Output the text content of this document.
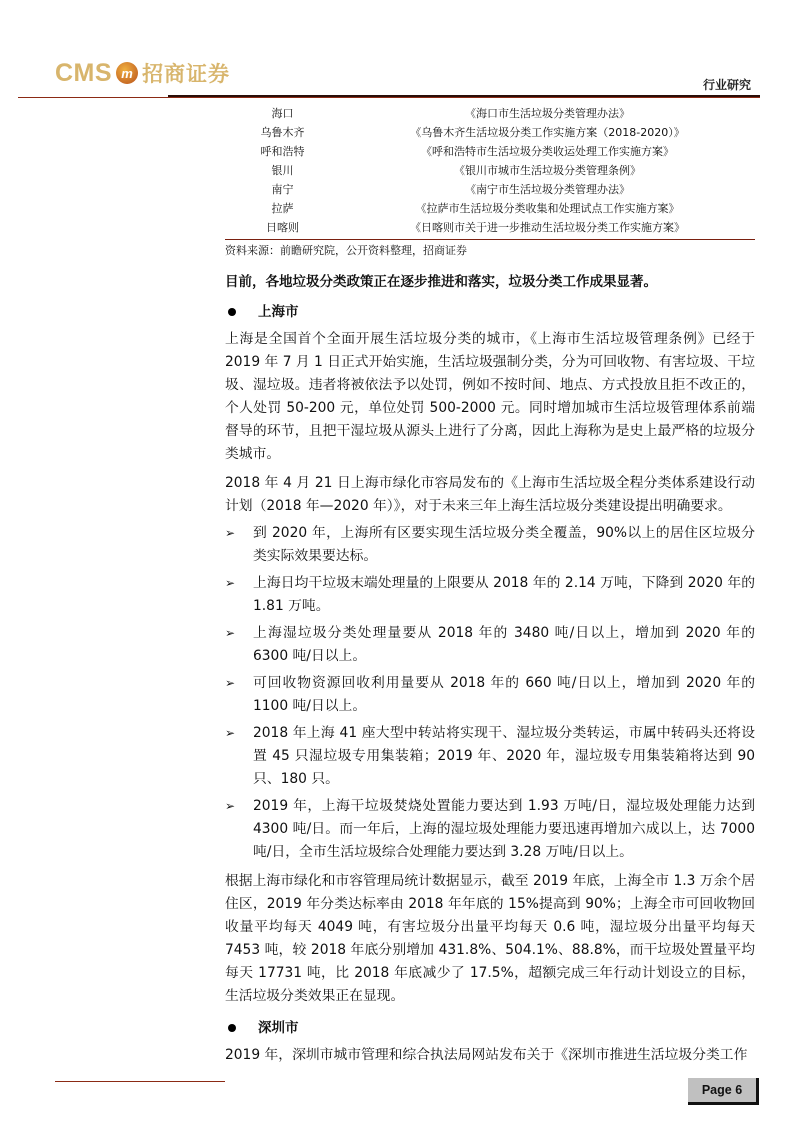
CMS m 招商证券	行业研究
海口	《海口市生活垃圾分类管理办法》
乌鲁木齐	《乌鲁木齐生活垃圾分类工作实施方案（2018-2020）》
呼和浩特	《呼和浩特市生活垃圾分类收运处理工作实施方案》
银川	《银川市城市生活垃圾分类管理条例》
南宁	《南宁市生活垃圾分类管理办法》
拉萨	《拉萨市生活垃圾分类收集和处理试点工作实施方案》
日喀则	《日喀则市关于进一步推动生活垃圾分类工作实施方案》
资料来源：前瞻研究院，公开资料整理，招商证券
目前，各地垃圾分类政策正在逐步推进和落实，垃圾分类工作成果显著。
上海市
上海是全国首个全面开展生活垃圾分类的城市，《上海市生活垃圾管理条例》已经于 2019 年 7 月 1 日正式开始实施，生活垃圾强制分类，分为可回收物、有害垃圾、干垃圾、湿垃圾。违者将被依法予以处罚，例如不按时间、地点、方式投放且拒不改正的，个人处罚 50-200 元，单位处罚 500-2000 元。同时增加城市生活垃圾管理体系前端督导的环节，且把干湿垃圾从源头上进行了分离，因此上海称为是史上最严格的垃圾分类城市。
2018 年 4 月 21 日上海市绿化市容局发布的《上海市生活垃圾全程分类体系建设行动计划（2018 年—2020 年）》，对于未来三年上海生活垃圾分类建设提出明确要求。
➢	到 2020 年，上海所有区要实现生活垃圾分类全覆盖，90%以上的居住区垃圾分类实际效果要达标。
➢	上海日均干垃圾末端处理量的上限要从 2018 年的 2.14 万吨，下降到 2020 年的 1.81 万吨。
➢	上海湿垃圾分类处理量要从 2018 年的 3480 吨/日以上，增加到 2020 年的 6300 吨/日以上。
➢	可回收物资源回收利用量要从 2018 年的 660 吨/日以上，增加到 2020 年的 1100 吨/日以上。
➢	2018 年上海 41 座大型中转站将实现干、湿垃圾分类转运，市属中转码头还将设置 45 只湿垃圾专用集装箱；2019 年、2020 年，湿垃圾专用集装箱将达到 90 只、180 只。
➢	2019 年，上海干垃圾焚烧处置能力要达到 1.93 万吨/日，湿垃圾处理能力达到 4300 吨/日。而一年后，上海的湿垃圾处理能力要迅速再增加六成以上，达 7000 吨/日，全市生活垃圾综合处理能力要达到 3.28 万吨/日以上。
根据上海市绿化和市容管理局统计数据显示，截至 2019 年底，上海全市 1.3 万余个居住区，2019 年分类达标率由 2018 年年底的 15%提高到 90%；上海全市可回收物回收量平均每天 4049 吨，有害垃圾分出量平均每天 0.6 吨，湿垃圾分出量平均每天 7453 吨，较 2018 年底分别增加 431.8%、504.1%、88.8%，而干垃圾处置量平均每天 17731 吨，比 2018 年底减少了 17.5%，超额完成三年行动计划设立的目标，生活垃圾分类效果正在显现。
深圳市
2019 年，深圳市城市管理和综合执法局网站发布关于《深圳市推进生活垃圾分类工作
Page 6
